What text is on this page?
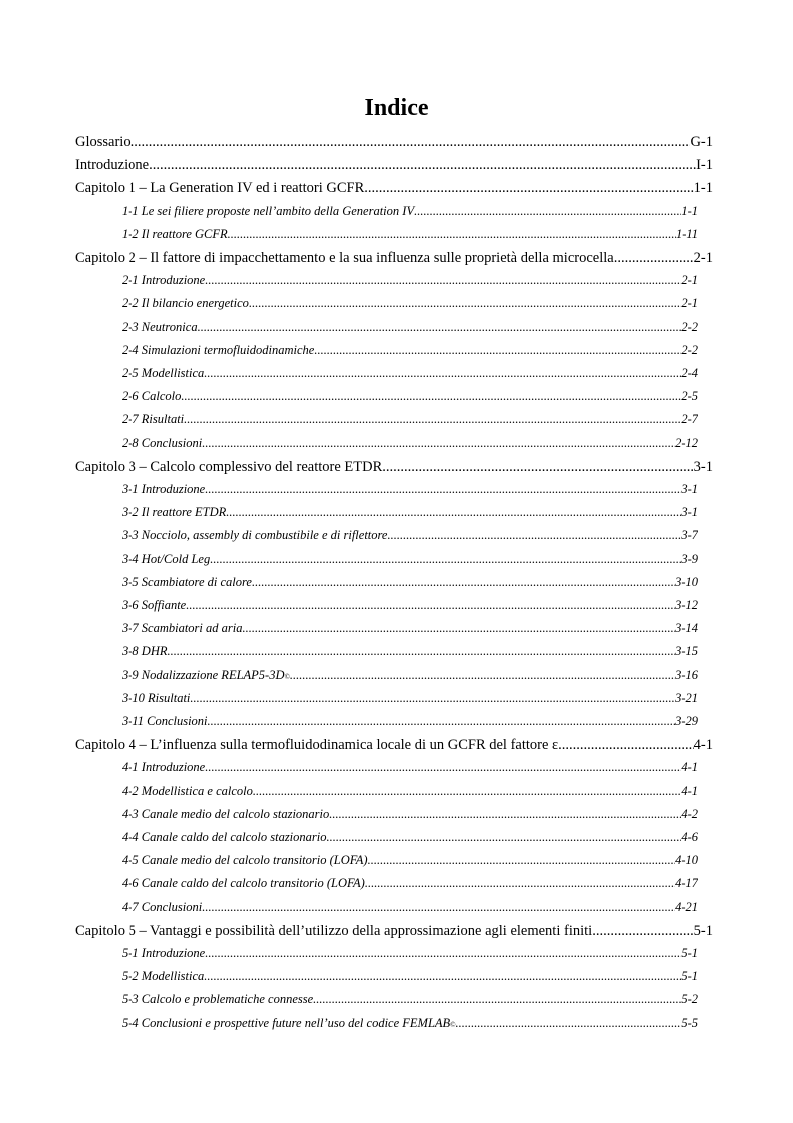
Indice
Glossario .....	G-1
Introduzione .....	I-1
Capitolo 1 – La Generation IV ed i reattori GCFR .....	1-1
1-1 Le sei filiere proposte nell’ambito della Generation IV .....	1-1
1-2 Il reattore GCFR .....	1-11
Capitolo 2 – Il fattore di impacchettamento e la sua influenza sulle proprietà della microcella .....	2-1
2-1 Introduzione .....	2-1
2-2 Il bilancio energetico .....	2-1
2-3 Neutronica .....	2-2
2-4 Simulazioni termofluidodinamiche .....	2-2
2-5 Modellistica .....	2-4
2-6 Calcolo .....	2-5
2-7 Risultati .....	2-7
2-8 Conclusioni .....	2-12
Capitolo 3 – Calcolo complessivo del reattore ETDR .....	3-1
3-1 Introduzione .....	3-1
3-2 Il reattore ETDR .....	3-1
3-3 Nocciolo, assembly di combustibile e di riflettore .....	3-7
3-4 Hot/Cold Leg .....	3-9
3-5 Scambiatore di calore .....	3-10
3-6 Soffiante .....	3-12
3-7 Scambiatori ad aria .....	3-14
3-8 DHR .....	3-15
3-9 Nodalizzazione RELAP5-3D © .....	3-16
3-10 Risultati .....	3-21
3-11 Conclusioni .....	3-29
Capitolo 4 – L’influenza sulla termofluidodinamica locale di un GCFR del fattore ε .....	4-1
4-1 Introduzione .....	4-1
4-2 Modellistica e calcolo .....	4-1
4-3 Canale medio del calcolo stazionario .....	4-2
4-4 Canale caldo del calcolo stazionario .....	4-6
4-5 Canale medio del calcolo transitorio (LOFA) .....	4-10
4-6 Canale caldo del calcolo transitorio (LOFA) .....	4-17
4-7 Conclusioni .....	4-21
Capitolo 5 – Vantaggi e possibilità dell’utilizzo della approssimazione agli elementi finiti .....	5-1
5-1 Introduzione .....	5-1
5-2 Modellistica .....	5-1
5-3 Calcolo e problematiche connesse .....	5-2
5-4 Conclusioni e prospettive future nell’uso del codice FEMLAB © .....	5-5
